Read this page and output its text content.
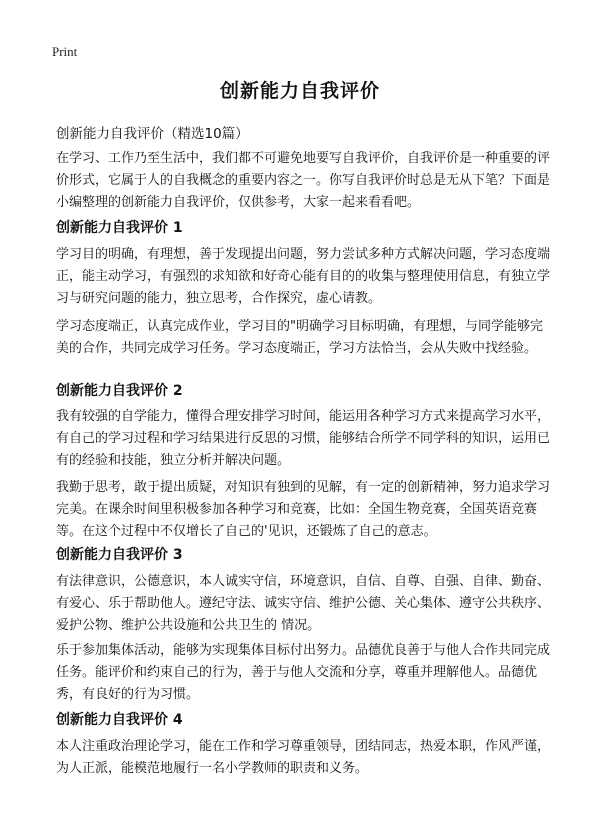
Print
创新能力自我评价
创新能力自我评价（精选10篇）

在学习、工作乃至生活中，我们都不可避免地要写自我评价，自我评价是一种重要的评价形式，它属于人的自我概念的重要内容之一。你写自我评价时总是无从下笔？下面是小编整理的创新能力自我评价，仅供参考，大家一起来看看吧。

创新能力自我评价 1

学习目的明确，有理想，善于发现提出问题，努力尝试多种方式解决问题，学习态度端正，能主动学习，有强烈的求知欲和好奇心能有目的的收集与整理使用信息，有独立学习与研究问题的能力，独立思考，合作探究，虚心请教。

学习态度端正，认真完成作业，学习目的"明确学习目标明确，有理想，与同学能够完美的合作，共同完成学习任务。学习态度端正，学习方法恰当，会从失败中找经验。

创新能力自我评价 2

我有较强的自学能力，懂得合理安排学习时间，能运用各种学习方式来提高学习水平，有自己的学习过程和学习结果进行反思的习惯，能够结合所学不同学科的知识，运用已有的经验和技能，独立分析并解决问题。

我勤于思考，敢于提出质疑，对知识有独到的见解，有一定的创新精神，努力追求学习完美。在课余时间里积极参加各种学习和竞赛，比如：全国生物竞赛，全国英语竞赛等。在这个过程中不仅增长了自己的'见识，还锻炼了自己的意志。

创新能力自我评价 3

有法律意识，公德意识，本人诚实守信，环境意识，自信、自尊、自强、自律、勤奋、有爱心、乐于帮助他人。遵纪守法、诚实守信、维护公德、关心集体、遵守公共秩序、爱护公物、维护公共设施和公共卫生的 情况。

乐于参加集体活动，能够为实现集体目标付出努力。品德优良善于与他人合作共同完成任务。能评价和约束自己的行为，善于与他人交流和分享，尊重并理解他人。品德优秀，有良好的行为习惯。

创新能力自我评价 4

本人注重政治理论学习，能在工作和学习尊重领导，团结同志，热爱本职，作风严谨，为人正派，能模范地履行一名小学教师的职责和义务。
